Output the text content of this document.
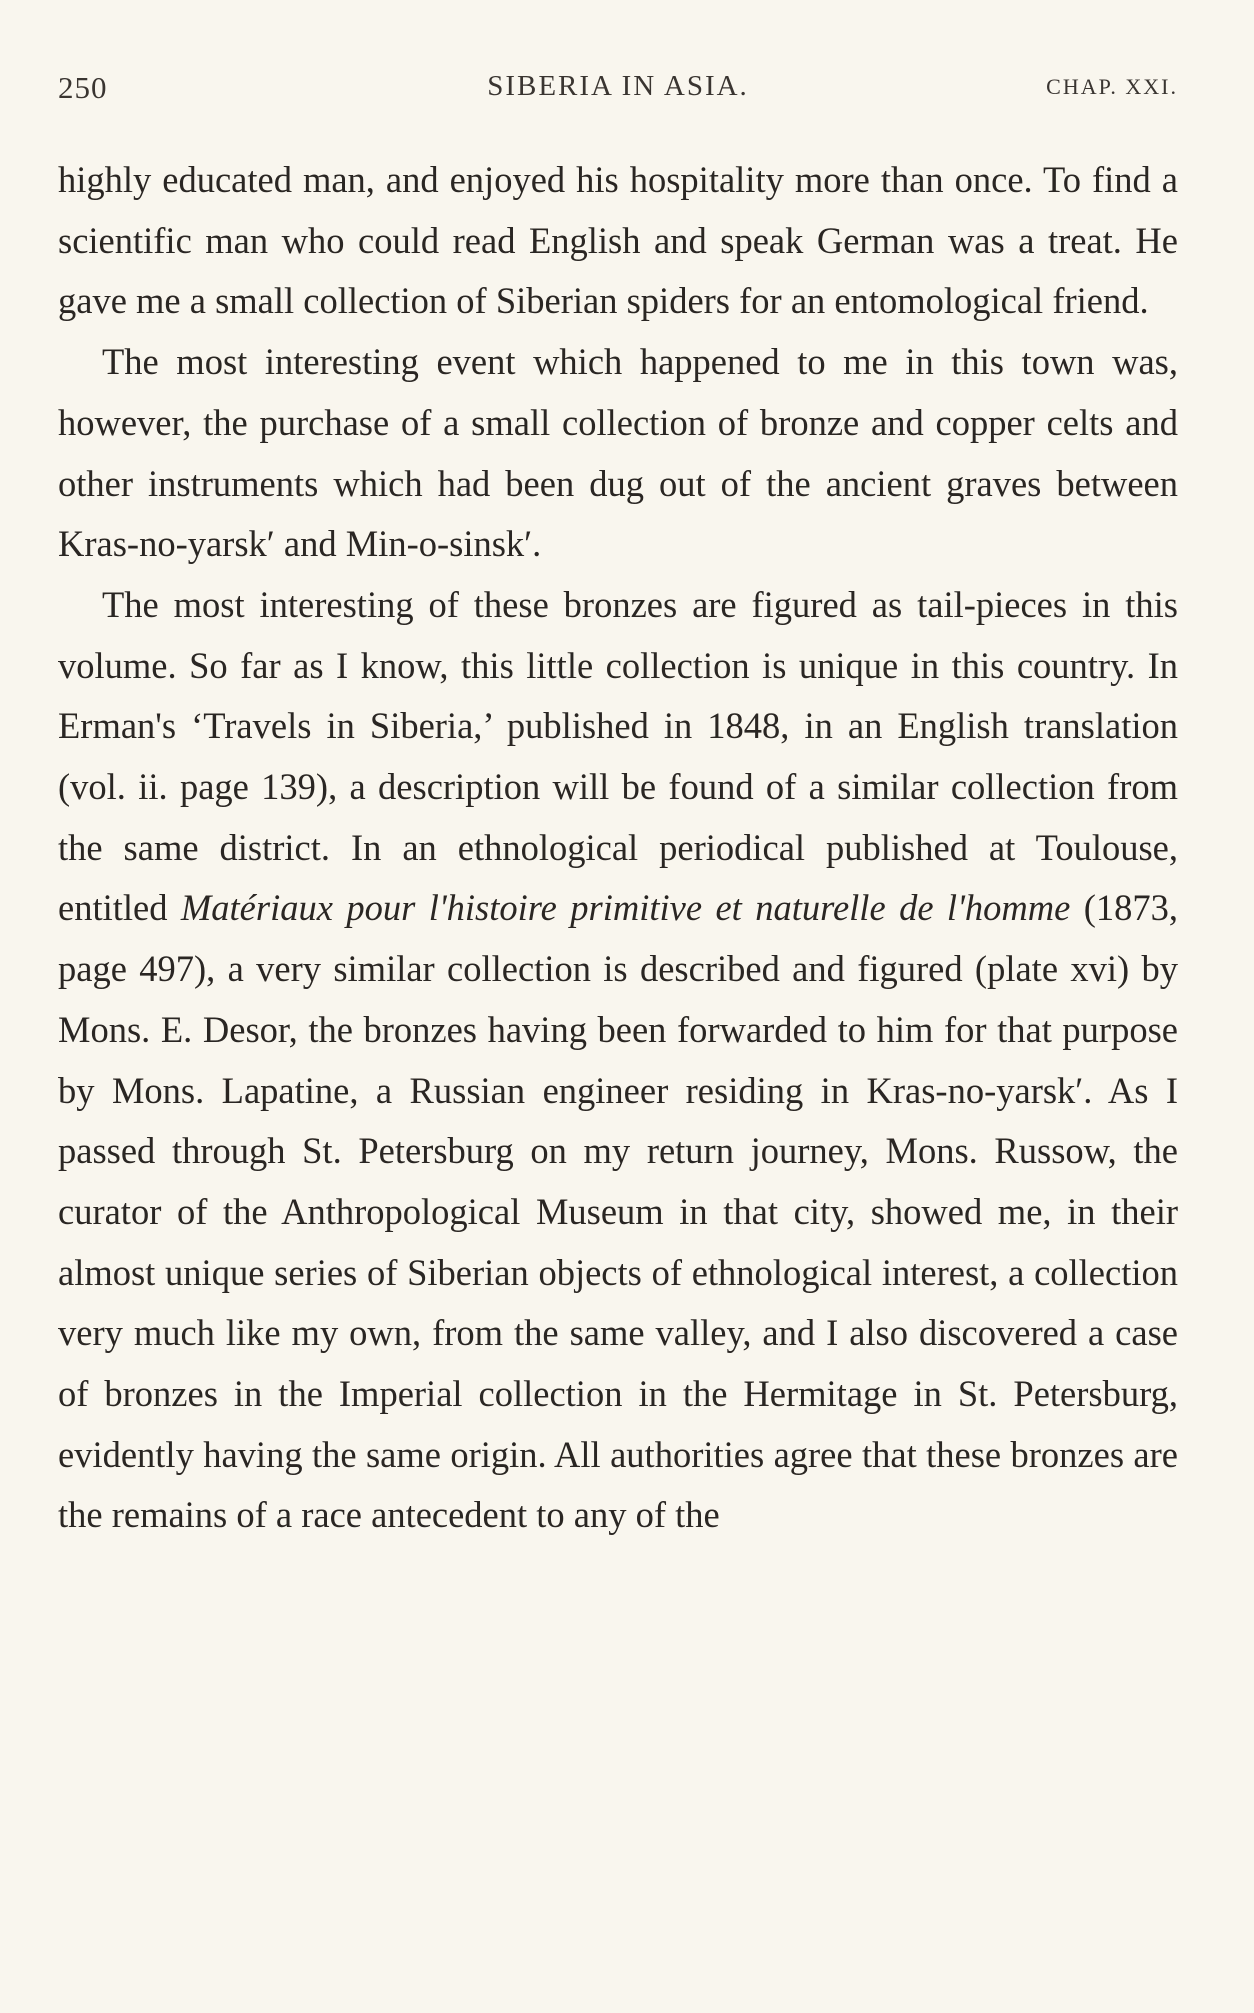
250	SIBERIA IN ASIA.	CHAP. XXI.

highly educated man, and enjoyed his hospitality more than once. To find a scientific man who could read English and speak German was a treat. He gave me a small collection of Siberian spiders for an entomological friend.

The most interesting event which happened to me in this town was, however, the purchase of a small collection of bronze and copper celts and other instruments which had been dug out of the ancient graves between Kras-no-yarsk′ and Min-o-sinsk′.

The most interesting of these bronzes are figured as tail-pieces in this volume. So far as I know, this little collection is unique in this country. In Erman's ‘Travels in Siberia,’ published in 1848, in an English translation (vol. ii. page 139), a description will be found of a similar collection from the same district. In an ethnological periodical published at Toulouse, entitled Matériaux pour l'histoire primitive et naturelle de l'homme (1873, page 497), a very similar collection is described and figured (plate xvi) by Mons. E. Desor, the bronzes having been forwarded to him for that purpose by Mons. Lapatine, a Russian engineer residing in Kras-no-yarsk′. As I passed through St. Petersburg on my return journey, Mons. Russow, the curator of the Anthropological Museum in that city, showed me, in their almost unique series of Siberian objects of ethnological interest, a collection very much like my own, from the same valley, and I also discovered a case of bronzes in the Imperial collection in the Hermitage in St. Petersburg, evidently having the same origin. All authorities agree that these bronzes are the remains of a race antecedent to any of the
